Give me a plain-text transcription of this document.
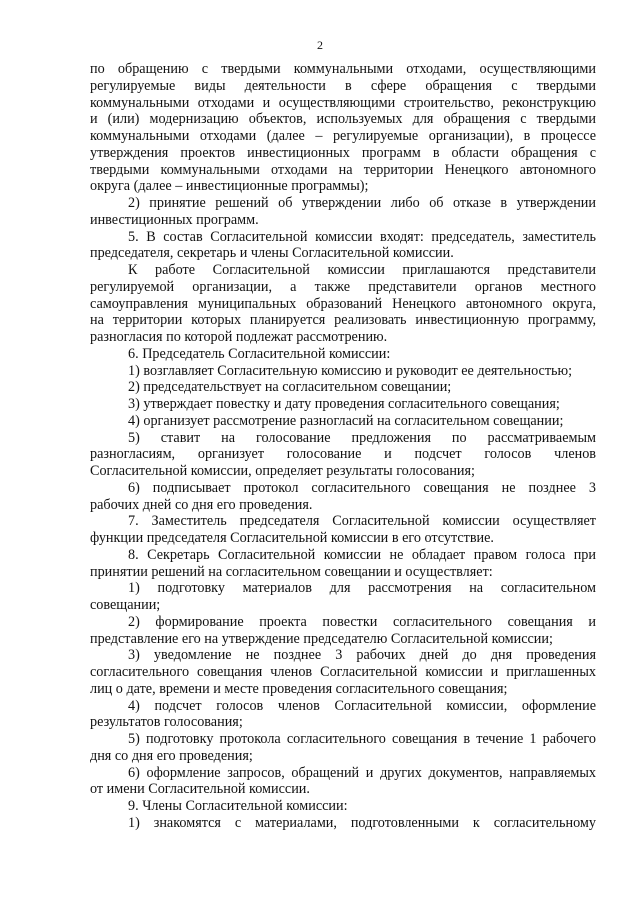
2
по обращению с твердыми коммунальными отходами, осуществляющими
регулируемые виды деятельности в сфере обращения с твердыми
коммунальными отходами и осуществляющими строительство, реконструкцию
и (или) модернизацию объектов, используемых для обращения с твердыми
коммунальными отходами (далее – регулируемые организации), в процессе
утверждения проектов инвестиционных программ в области обращения с
твердыми коммунальными отходами на территории Ненецкого автономного
округа (далее – инвестиционные программы);
2) принятие решений об утверждении либо об отказе в утверждении
инвестиционных программ.
5. В состав Согласительной комиссии входят: председатель, заместитель
председателя, секретарь и члены Согласительной комиссии.
К работе Согласительной комиссии приглашаются представители
регулируемой организации, а также представители органов местного
самоуправления муниципальных образований Ненецкого автономного округа,
на территории которых планируется реализовать инвестиционную программу,
разногласия по которой подлежат рассмотрению.
6. Председатель Согласительной комиссии:
1) возглавляет Согласительную комиссию и руководит ее деятельностью;
2) председательствует на согласительном совещании;
3) утверждает повестку и дату проведения согласительного совещания;
4) организует рассмотрение разногласий на согласительном совещании;
5) ставит на голосование предложения по рассматриваемым
разногласиям, организует голосование и подсчет голосов членов
Согласительной комиссии, определяет результаты голосования;
6) подписывает протокол согласительного совещания не позднее 3
рабочих дней со дня его проведения.
7. Заместитель председателя Согласительной комиссии осуществляет
функции председателя Согласительной комиссии в его отсутствие.
8. Секретарь Согласительной комиссии не обладает правом голоса при
принятии решений на согласительном совещании и осуществляет:
1) подготовку материалов для рассмотрения на согласительном
совещании;
2) формирование проекта повестки согласительного совещания и
представление его на утверждение председателю Согласительной комиссии;
3) уведомление не позднее 3 рабочих дней до дня проведения
согласительного совещания членов Согласительной комиссии и приглашенных
лиц о дате, времени и месте проведения согласительного совещания;
4) подсчет голосов членов Согласительной комиссии, оформление
результатов голосования;
5) подготовку протокола согласительного совещания в течение 1 рабочего
дня со дня его проведения;
6) оформление запросов, обращений и других документов, направляемых
от имени Согласительной комиссии.
9. Члены Согласительной комиссии:
1) знакомятся с материалами, подготовленными к согласительному
